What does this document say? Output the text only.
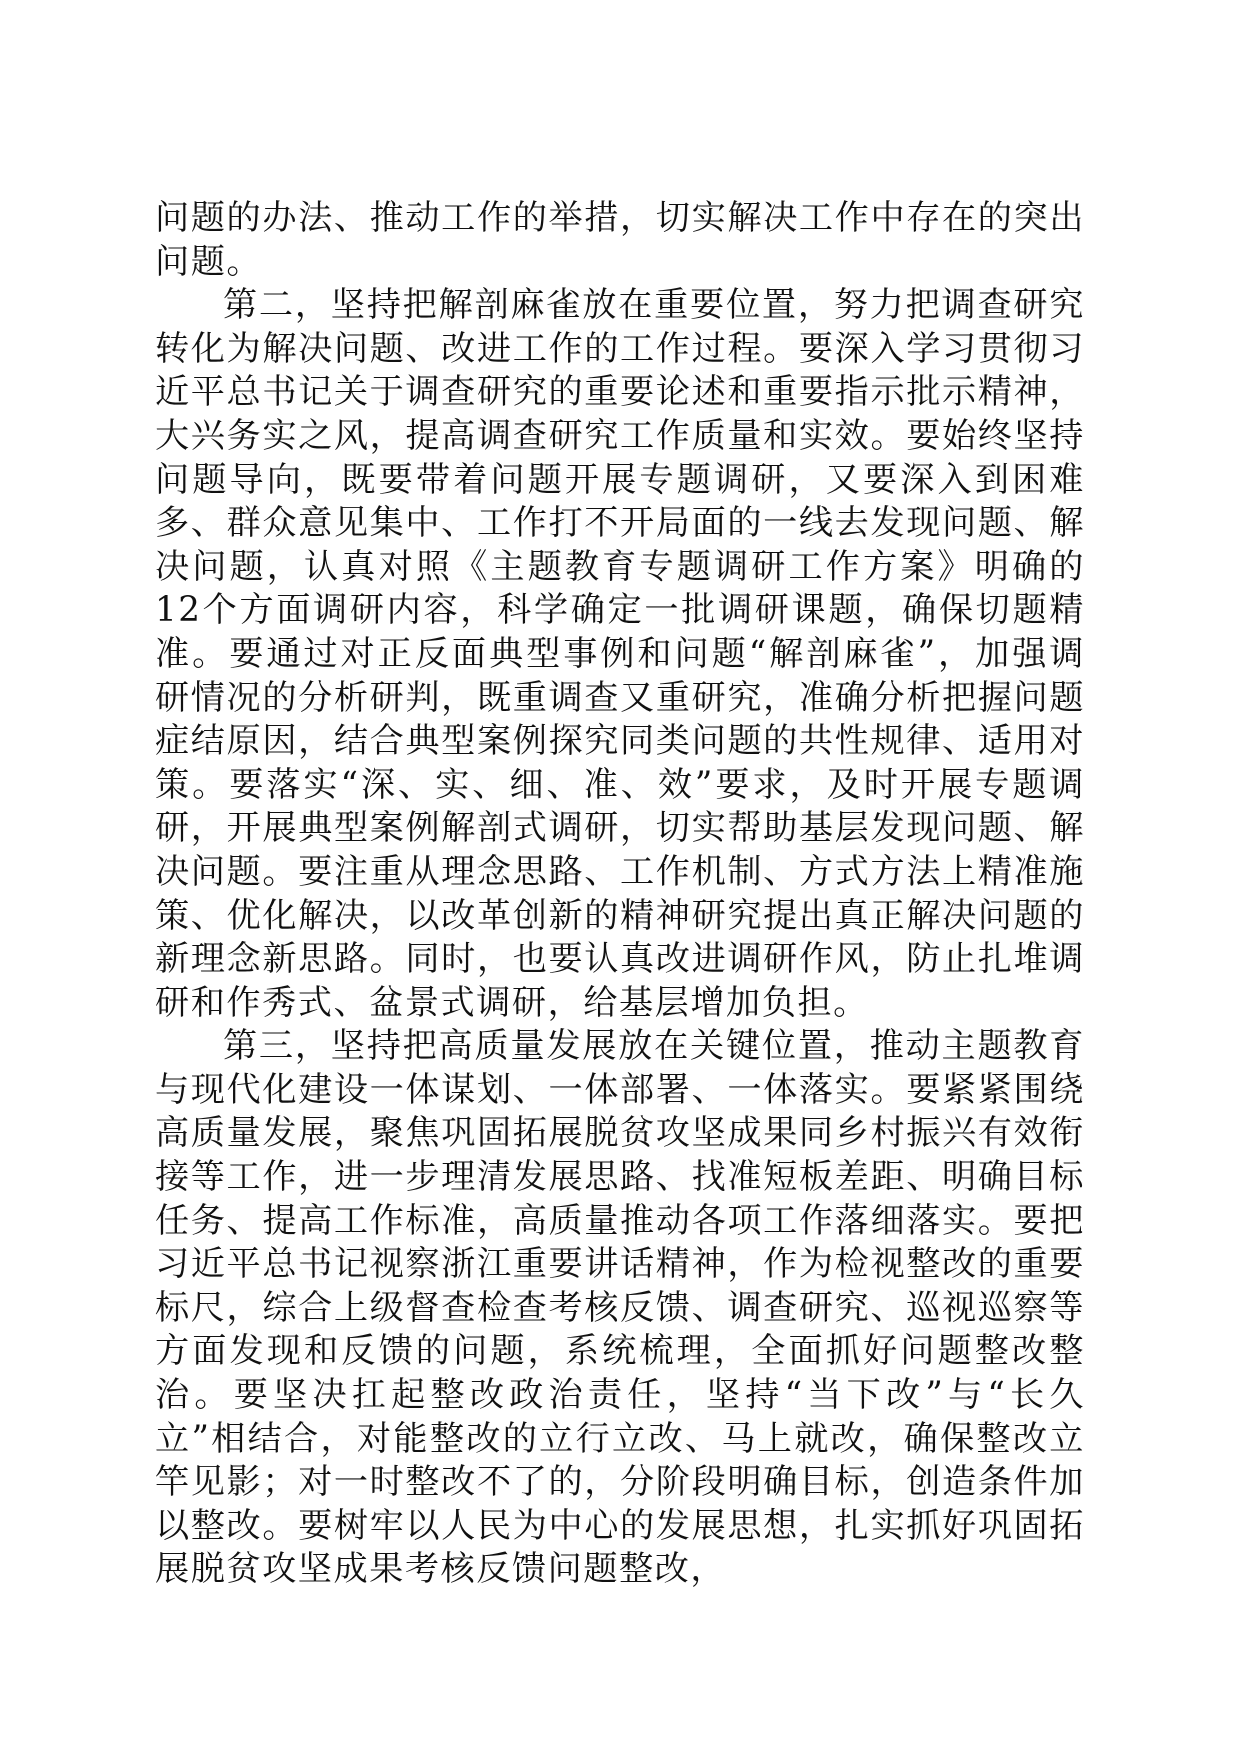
问题的办法、推动工作的举措，切实解决工作中存在的突出问题。

第二，坚持把解剖麻雀放在重要位置，努力把调查研究转化为解决问题、改进工作的工作过程。要深入学习贯彻习近平总书记关于调查研究的重要论述和重要指示批示精神，大兴务实之风，提高调查研究工作质量和实效。要始终坚持问题导向，既要带着问题开展专题调研，又要深入到困难多、群众意见集中、工作打不开局面的一线去发现问题、解决问题，认真对照《主题教育专题调研工作方案》明确的12个方面调研内容，科学确定一批调研课题，确保切题精准。要通过对正反面典型事例和问题“解剖麻雀”，加强调研情况的分析研判，既重调查又重研究，准确分析把握问题症结原因，结合典型案例探究同类问题的共性规律、适用对策。要落实“深、实、细、准、效”要求，及时开展专题调研，开展典型案例解剖式调研，切实帮助基层发现问题、解决问题。要注重从理念思路、工作机制、方式方法上精准施策、优化解决，以改革创新的精神研究提出真正解决问题的新理念新思路。同时，也要认真改进调研作风，防止扎堆调研和作秀式、盆景式调研，给基层增加负担。

第三，坚持把高质量发展放在关键位置，推动主题教育与现代化建设一体谋划、一体部署、一体落实。要紧紧围绕高质量发展，聚焦巩固拓展脱贫攻坚成果同乡村振兴有效衔接等工作，进一步理清发展思路、找准短板差距、明确目标任务、提高工作标准，高质量推动各项工作落细落实。要把习近平总书记视察浙江重要讲话精神，作为检视整改的重要标尺，综合上级督查检查考核反馈、调查研究、巡视巡察等方面发现和反馈的问题，系统梳理，全面抓好问题整改整治。要坚决扛起整改政治责任，坚持“当下改”与“长久立”相结合，对能整改的立行立改、马上就改，确保整改立竿见影；对一时整改不了的，分阶段明确目标，创造条件加以整改。要树牢以人民为中心的发展思想，扎实抓好巩固拓展脱贫攻坚成果考核反馈问题整改，
